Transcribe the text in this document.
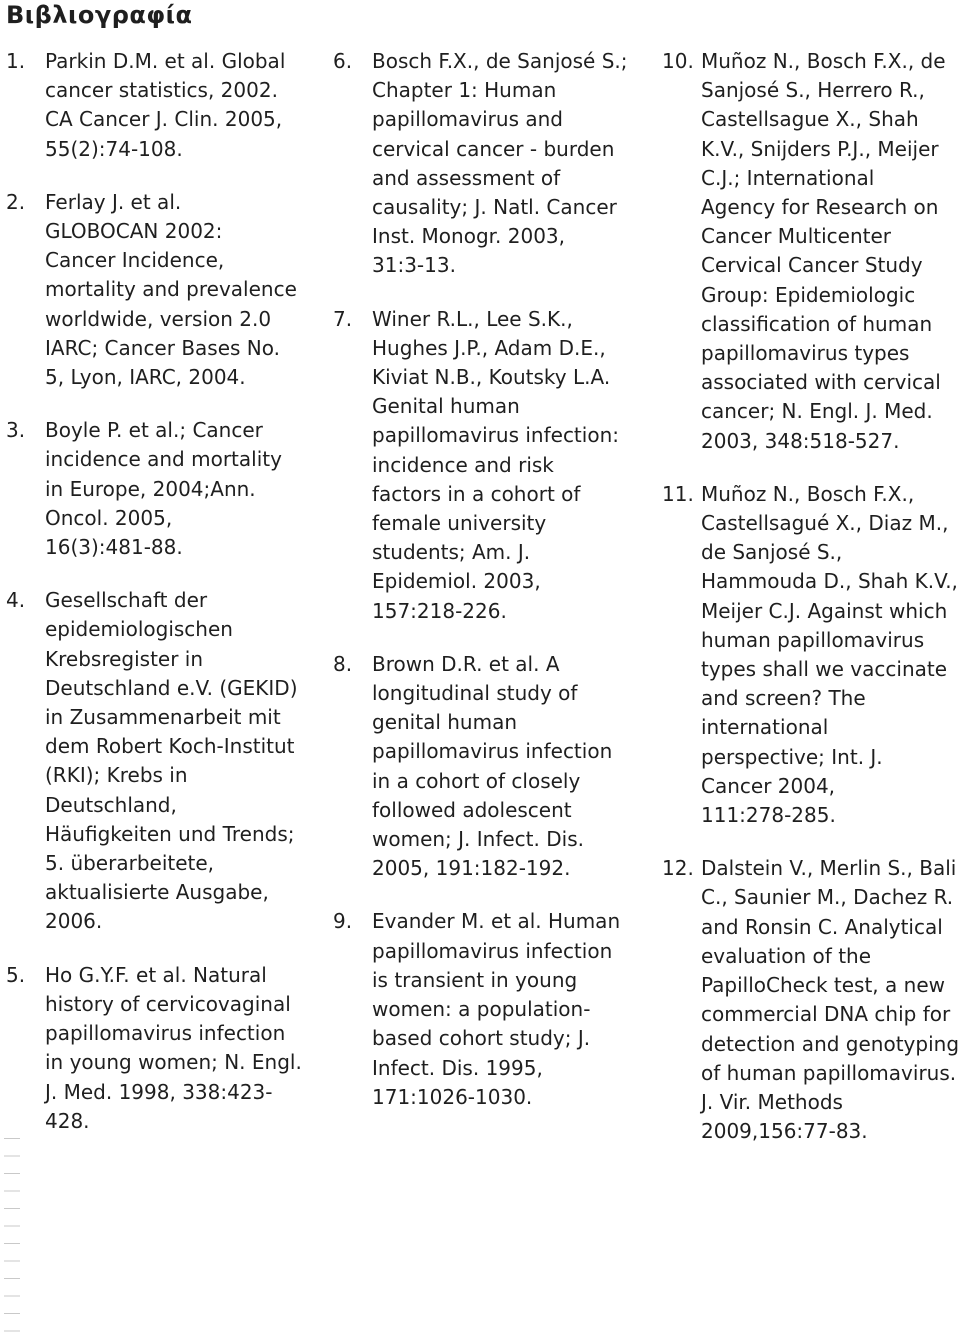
Βιβλιογραφία
1. Parkin D.M. et al. Global
cancer statistics, 2002.
CA Cancer J. Clin. 2005,
55(2):74-108.
2. Ferlay J. et al.
GLOBOCAN 2002:
Cancer Incidence,
mortality and prevalence
worldwide, version 2.0
IARC; Cancer Bases No.
5, Lyon, IARC, 2004.
3. Boyle P. et al.; Cancer
incidence and mortality
in Europe, 2004;Ann.
Oncol. 2005,
16(3):481-88.
4. Gesellschaft der
epidemiologischen
Krebsregister in
Deutschland e.V. (GEKID)
in Zusammenarbeit mit
dem Robert Koch-Institut
(RKI); Krebs in
Deutschland,
Häufigkeiten und Trends;
5. überarbeitete,
aktualisierte Ausgabe,
2006.
5. Ho G.Y.F. et al. Natural
history of cervicovaginal
papillomavirus infection
in young women; N. Engl.
J. Med. 1998, 338:423-
428.
6. Bosch F.X., de Sanjosé S.;
Chapter 1: Human
papillomavirus and
cervical cancer - burden
and assessment of
causality; J. Natl. Cancer
Inst. Monogr. 2003,
31:3-13.
7. Winer R.L., Lee S.K.,
Hughes J.P., Adam D.E.,
Kiviat N.B., Koutsky L.A.
Genital human
papillomavirus infection:
incidence and risk
factors in a cohort of
female university
students; Am. J.
Epidemiol. 2003,
157:218-226.
8. Brown D.R. et al. A
longitudinal study of
genital human
papillomavirus infection
in a cohort of closely
followed adolescent
women; J. Infect. Dis.
2005, 191:182-192.
9. Evander M. et al. Human
papillomavirus infection
is transient in young
women: a population-
based cohort study; J.
Infect. Dis. 1995,
171:1026-1030.
10. Muñoz N., Bosch F.X., de
Sanjosé S., Herrero R.,
Castellsague X., Shah
K.V., Snijders P.J., Meijer
C.J.; International
Agency for Research on
Cancer Multicenter
Cervical Cancer Study
Group: Epidemiologic
classification of human
papillomavirus types
associated with cervical
cancer; N. Engl. J. Med.
2003, 348:518-527.
11. Muñoz N., Bosch F.X.,
Castellsagué X., Diaz M.,
de Sanjosé S.,
Hammouda D., Shah K.V.,
Meijer C.J. Against which
human papillomavirus
types shall we vaccinate
and screen? The
international
perspective; Int. J.
Cancer 2004,
111:278-285.
12. Dalstein V., Merlin S., Bali
C., Saunier M., Dachez R.
and Ronsin C. Analytical
evaluation of the
PapilloCheck test, a new
commercial DNA chip for
detection and genotyping
of human papillomavirus.
J. Vir. Methods
2009,156:77-83.
